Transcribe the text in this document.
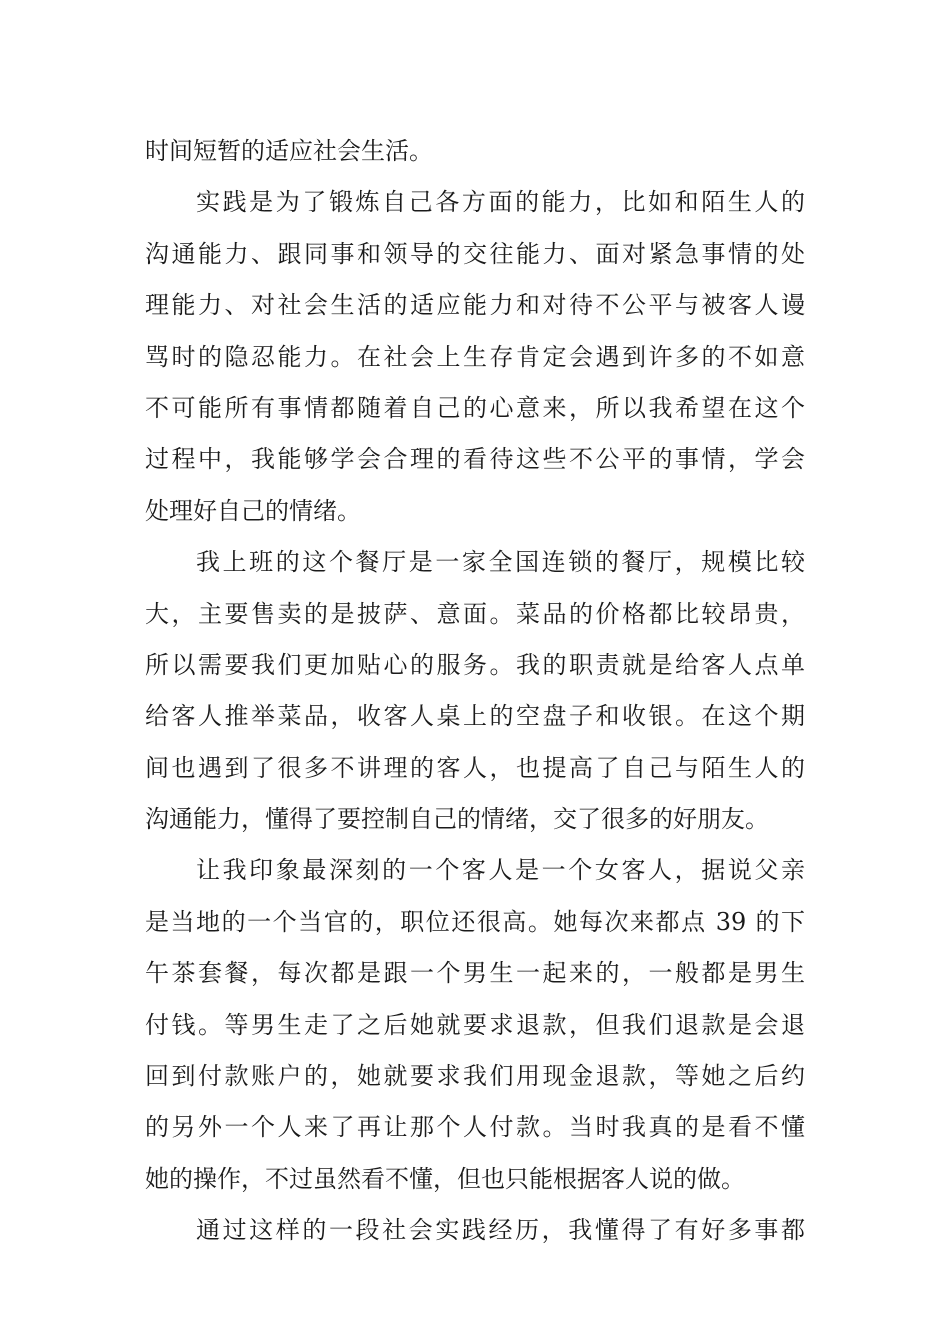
时间短暂的适应社会生活。
实践是为了锻炼自己各方面的能力，比如和陌生人的
沟通能力、跟同事和领导的交往能力、面对紧急事情的处
理能力、对社会生活的适应能力和对待不公平与被客人谩
骂时的隐忍能力。在社会上生存肯定会遇到许多的不如意
不可能所有事情都随着自己的心意来，所以我希望在这个
过程中，我能够学会合理的看待这些不公平的事情，学会
处理好自己的情绪。
我上班的这个餐厅是一家全国连锁的餐厅，规模比较
大，主要售卖的是披萨、意面。菜品的价格都比较昂贵，
所以需要我们更加贴心的服务。我的职责就是给客人点单
给客人推举菜品，收客人桌上的空盘子和收银。在这个期
间也遇到了很多不讲理的客人，也提高了自己与陌生人的
沟通能力，懂得了要控制自己的情绪，交了很多的好朋友。
让我印象最深刻的一个客人是一个女客人，据说父亲
是当地的一个当官的，职位还很高。她每次来都点 39 的下
午茶套餐，每次都是跟一个男生一起来的，一般都是男生
付钱。等男生走了之后她就要求退款，但我们退款是会退
回到付款账户的，她就要求我们用现金退款，等她之后约
的另外一个人来了再让那个人付款。当时我真的是看不懂
她的操作，不过虽然看不懂，但也只能根据客人说的做。
通过这样的一段社会实践经历，我懂得了有好多事都
